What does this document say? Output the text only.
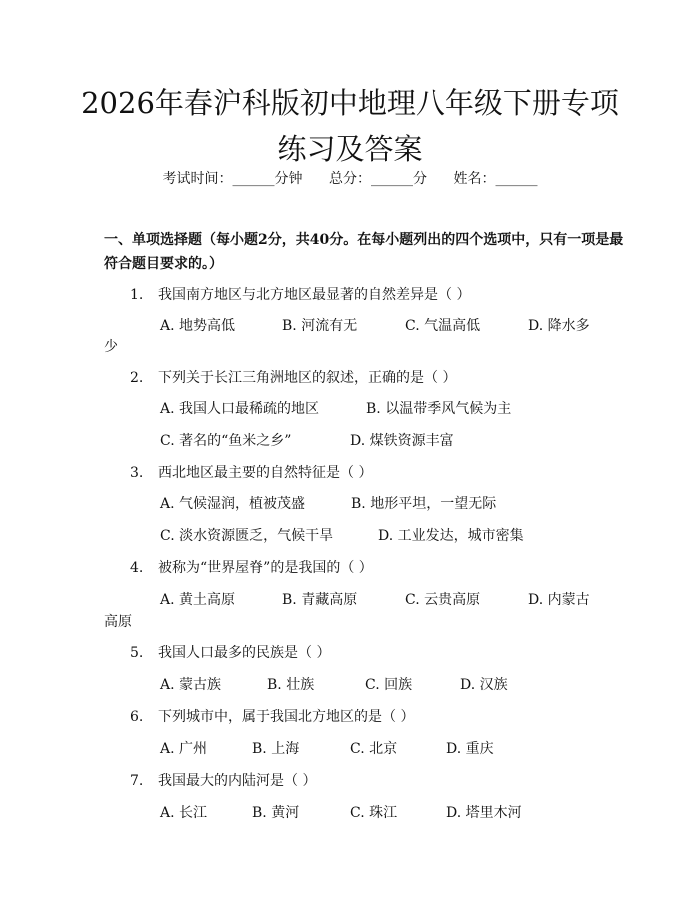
2026年春沪科版初中地理八年级下册专项练习及答案
考试时间：______分钟 总分：______分 姓名：______
一、单项选择题（每小题2分，共40分。在每小题列出的四个选项中，只有一项是最符合题目要求的。）
1. 我国南方地区与北方地区最显著的自然差异是（ ）
A. 地势高低	B. 河流有无	C. 气温高低	D. 降水多
少
2. 下列关于长江三角洲地区的叙述，正确的是（ ）
A. 我国人口最稀疏的地区	B. 以温带季风气候为主
C. 著名的“鱼米之乡”	D. 煤铁资源丰富
3. 西北地区最主要的自然特征是（ ）
A. 气候湿润，植被茂盛	B. 地形平坦，一望无际
C. 淡水资源匮乏，气候干旱	D. 工业发达，城市密集
4. 被称为“世界屋脊”的是我国的（ ）
A. 黄土高原	B. 青藏高原	C. 云贵高原	D. 内蒙古
高原
5. 我国人口最多的民族是（ ）
A. 蒙古族	B. 壮族	C. 回族	D. 汉族
6. 下列城市中，属于我国北方地区的是（ ）
A. 广州	B. 上海	C. 北京	D. 重庆
7. 我国最大的内陆河是（ ）
A. 长江	B. 黄河	C. 珠江	D. 塔里木河
